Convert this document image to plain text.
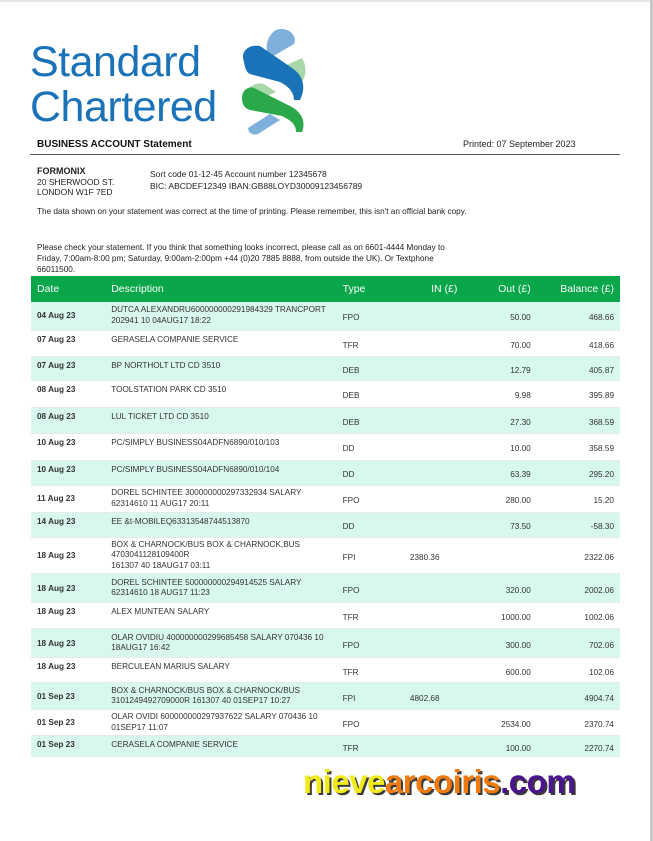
Standard
Chartered
BUSINESS ACCOUNT Statement	Printed: 07 September 2023
FORMONIX
20 SHERWOOD ST.
LONDON W1F 7ED
Sort code 01-12-45 Account number 12345678
BIC: ABCDEF12349 IBAN:GB88LOYD30009123456789
The data shown on your statement was correct at the time of printing. Please remember, this isn't an official bank copy.
Please check your statement. If you think that something looks incorrect, please call as on 6601-4444 Monday to Friday, 7:00am-8:00 pm; Saturday, 9:00am-2:00pm +44 (0)20 7885 8888, from outside the UK). Or Textphone 66011500.
Date	Description	Type	IN (£)	Out (£)	Balance (£)
04 Aug 23	DUTCA ALEXANDRU600000000291984329 TRANCPORT
202941 10 04AUG17 18:22	FPO		50.00	468.66
07 Aug 23	GERASELA COMPANIE SERVICE	TFR		70.00	418.66
07 Aug 23	BP NORTHOLT LTD CD 3510	DEB		12.79	405.87
08 Aug 23	TOOLSTATION PARK CD 3510	DEB		9.98	395.89
08 Aug 23	LUL TICKET LTD CD 3510	DEB		27.30	368.59
10 Aug 23	PC/SIMPLY BUSINESS04ADFN6890/010/103	DD		10.00	358.59
10 Aug 23	PC/SIMPLY BUSINESS04ADFN6890/010/104	DD		63.39	295.20
11 Aug 23	DOREL SCHINTEE 300000000297332934 SALARY
62314610 11 AUG17 20:11	FPO		280.00	15.20
14 Aug 23	EE &t-MOBILEQ63313548744513870	DD		73.50	-58.30
18 Aug 23	BOX & CHARNOCK/BUS BOX & CHARNOCK,BUS 4703041128109400R
161307 40 18AUG17 03:11	FPI	2380.36		2322.06
18 Aug 23	DOREL SCHINTEE 500000000294914525 SALARY
62314610 18 AUG17 11:23	FPO		320.00	2002.06
18 Aug 23	ALEX MUNTEAN SALARY	TFR		1000.00	1002.06
18 Aug 23	OLAR OVIDIU 400000000299685458 SALARY 070436 10
18AUG17 16:42	FPO		300.00	702.06
18 Aug 23	BERCULEAN MARIUS SALARY	TFR		600.00	102.06
01 Sep 23	BOX & CHARNOCK/BUS BOX & CHARNOCK/BUS
3101249492709000R 161307 40 01SEP17 10:27	FPI	4802.68		4904.74
01 Sep 23	OLAR OVIDI 600000000297937622 SALARY 070436 10
01SEP17 11:07	FPO		2534.00	2370.74
01 Sep 23	CERASELA COMPANIE SERVICE	TFR		100.00	2270.74
nievearcoiris.com
